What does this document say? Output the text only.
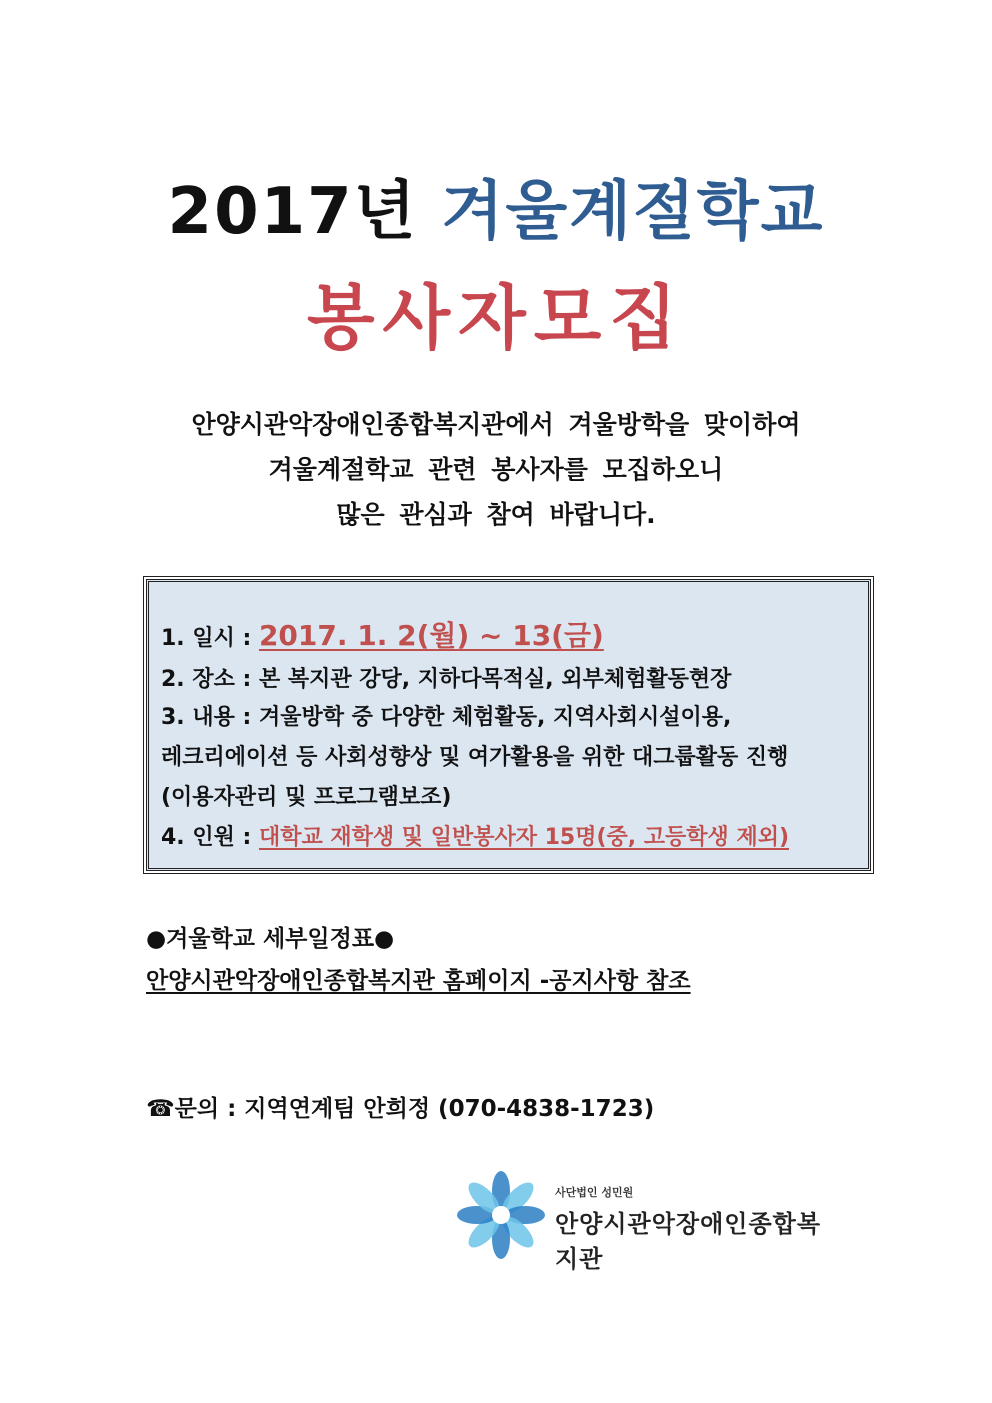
2017년 겨울계절학교
봉사자모집
안양시관악장애인종합복지관에서 겨울방학을 맞이하여
겨울계절학교 관련 봉사자를 모집하오니
많은 관심과 참여 바랍니다.
1. 일시 : 2017. 1. 2(월) ~ 13(금)
2. 장소 : 본 복지관 강당, 지하다목적실, 외부체험활동현장
3. 내용 : 겨울방학 중 다양한 체험활동, 지역사회시설이용,
레크리에이션 등 사회성향상 및 여가활용을 위한 대그룹활동 진행
(이용자관리 및 프로그램보조)
4. 인원 : 대학교 재학생 및 일반봉사자 15명(중, 고등학생 제외)
●겨울학교 세부일정표●
안양시관악장애인종합복지관 홈페이지 -공지사항 참조
☎문의 : 지역연계팀 안희정 (070-4838-1723)
사단법인 성민원
안양시관악장애인종합복지관
